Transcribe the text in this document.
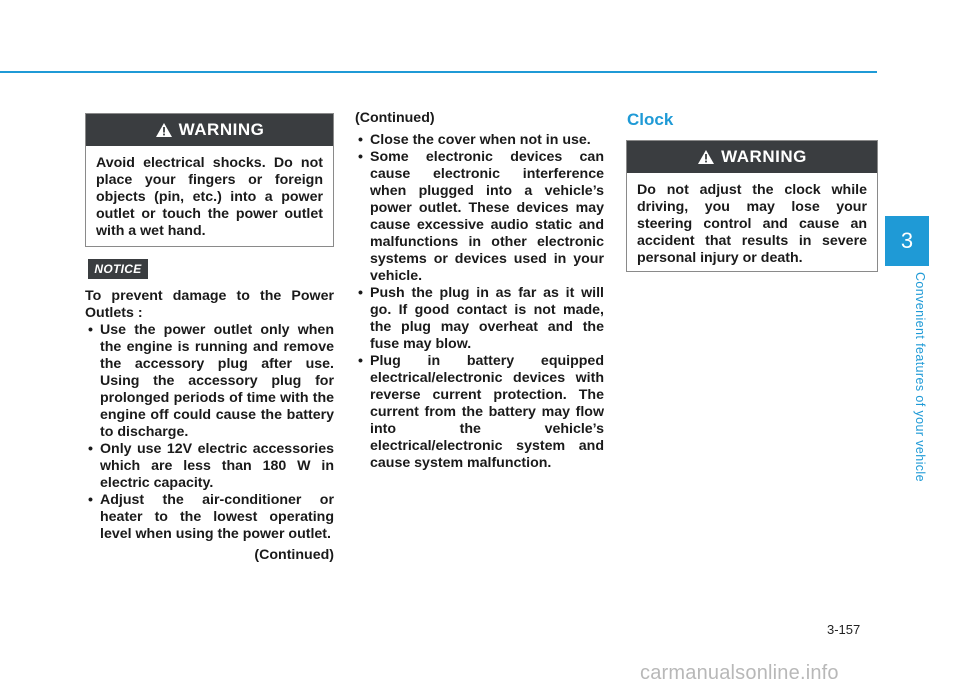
WARNING
Avoid electrical shocks. Do not place your fingers or foreign objects (pin, etc.) into a power outlet or touch the power outlet with a wet hand.
NOTICE

To prevent damage to the Power Outlets :

• Use the power outlet only when the engine is running and remove the accessory plug after use. Using the accessory plug for prolonged periods of time with the engine off could cause the battery to discharge.

• Only use 12V electric accessories which are less than 180 W in electric capacity.

• Adjust the air-conditioner or heater to the lowest operating level when using the power outlet.

(Continued)

(Continued)

• Close the cover when not in use.

• Some electronic devices can cause electronic interference when plugged into a vehicle’s power outlet. These devices may cause excessive audio static and malfunctions in other electronic systems or devices used in your vehicle.

• Push the plug in as far as it will go. If good contact is not made, the plug may overheat and the fuse may blow.

• Plug in battery equipped electrical/electronic devices with reverse current protection. The current from the battery may flow into the vehicle’s electrical/electronic system and cause system malfunction.

Clock
WARNING
Do not adjust the clock while driving, you may lose your steering control and cause an accident that results in severe personal injury or death.
3
Convenient features of your vehicle
3-157
carmanualsonline.info
